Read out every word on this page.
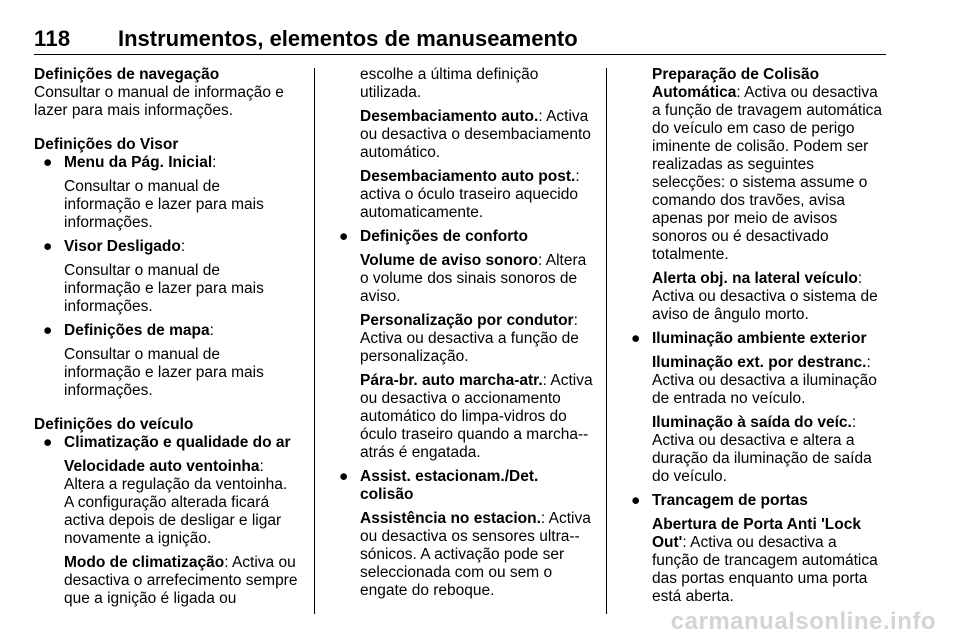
118 Instrumentos, elementos de manuseamento
Definições de navegação
Consultar o manual de informação e lazer para mais informações.
Definições do Visor
● Menu da Pág. Inicial:
Consultar o manual de informação e lazer para mais informações.
● Visor Desligado:
Consultar o manual de informação e lazer para mais informações.
● Definições de mapa:
Consultar o manual de informação e lazer para mais informações.
Definições do veículo
● Climatização e qualidade do ar
Velocidade auto ventoinha: Altera a regulação da ventoinha. A configuração alterada ficará activa depois de desligar e ligar novamente a ignição.
Modo de climatização: Activa ou desactiva o arrefecimento sempre que a ignição é ligada ou
escolhe a última definição utilizada.
Desembaciamento auto.: Activa ou desactiva o desembaciamento automático.
Desembaciamento auto post.: activa o óculo traseiro aquecido automaticamente.
● Definições de conforto
Volume de aviso sonoro: Altera o volume dos sinais sonoros de aviso.
Personalização por condutor: Activa ou desactiva a função de personalização.
Pára-br. auto marcha-atr.: Activa ou desactiva o accionamento automático do limpa-vidros do óculo traseiro quando a marcha--atrás é engatada.
● Assist. estacionam./Det. colisão
Assistência no estacion.: Activa ou desactiva os sensores ultra--sónicos. A activação pode ser seleccionada com ou sem o engate do reboque.
Preparação de Colisão Automática: Activa ou desactiva a função de travagem automática do veículo em caso de perigo iminente de colisão. Podem ser realizadas as seguintes selecções: o sistema assume o comando dos travões, avisa apenas por meio de avisos sonoros ou é desactivado totalmente.
Alerta obj. na lateral veículo: Activa ou desactiva o sistema de aviso de ângulo morto.
● Iluminação ambiente exterior
Iluminação ext. por destranc.: Activa ou desactiva a iluminação de entrada no veículo.
Iluminação à saída do veíc.: Activa ou desactiva e altera a duração da iluminação de saída do veículo.
● Trancagem de portas
Abertura de Porta Anti 'Lock Out': Activa ou desactiva a função de trancagem automática das portas enquanto uma porta está aberta.
carmanualsonline.info
